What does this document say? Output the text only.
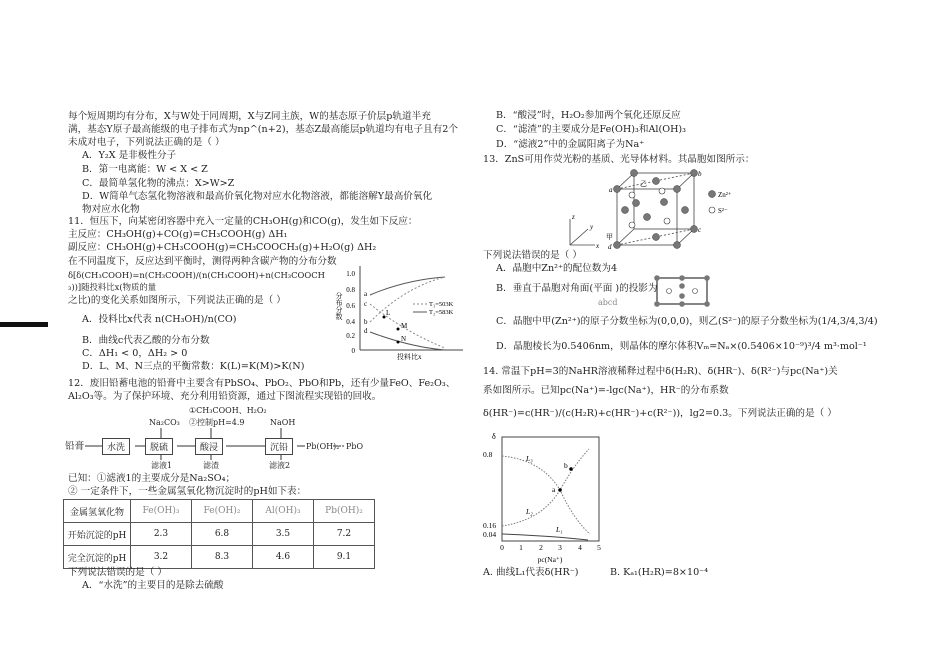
每个短周期均有分布，X与W处于同周期，X与Z同主族，W的基态原子价层p轨道半充
满，基态Y原子最高能级的电子排布式为np^(n+2)，基态Z最高能层p轨道均有电子且有2个
未成对电子，下列说法正确的是（ ）
A．Y₂X 是非极性分子
B．第一电离能：W < X < Z
C．最简单氢化物的沸点：X>W>Z
D．W简单气态氢化物溶液和最高价氧化物对应水化物溶液，都能溶解Y最高价氧化
物对应水化物
11．恒压下，向某密闭容器中充入一定量的CH₃OH(g)和CO(g)，发生如下反应：
主反应：CH₃OH(g)+CO(g)=CH₃COOH(g) ΔH₁
副反应：CH₃OH(g)+CH₃COOH(g)=CH₃COOCH₃(g)+H₂O(g) ΔH₂
在不同温度下，反应达到平衡时，测得两种含碳产物的分布分数
δ[δ(CH₃COOH)=n(CH₃COOH)/(n(CH₃COOH)+n(CH₃COOCH₃))]随投料比x(物质的量
之比)的变化关系如图所示，下列说法正确的是（ ）
A．投料比x代表 n(CH₃OH)/n(CO)
B．曲线c代表乙酸的分布分数
C．ΔH₁ < 0，ΔH₂ > 0
D．L、M、N三点的平衡常数：K(L)=K(M)>K(N)
12．废旧铅蓄电池的铅膏中主要含有PbSO₄、PbO₂、PbO和Pb，还有少量FeO、Fe₂O₃、
Al₂O₃等。为了保护环境、充分利用铅资源，通过下图流程实现铅的回收。
1.0
0.8
0.6
0.4
0.2
0
分布分数
投料比x
a
b
c
d
L
M
N
T₁=503K
T₂=583K
铅膏	水洗	脱硫	酸浸	沉铅
Na₂CO₃
①CH₃COOH、H₂O₂
②控制pH=4.9	NaOH
滤液1	滤渣	滤液2
Pb(OH)₂ PbO
已知：①滤液1的主要成分是Na₂SO₄；
② 一定条件下，一些金属氢氧化物沉淀时的pH如下表：
金属氢氧化物	Fe(OH)₃	Fe(OH)₂	Al(OH)₃	Pb(OH)₂
开始沉淀的pH	2.3	6.8	3.5	7.2
完全沉淀的pH	3.2	8.3	4.6	9.1
下列说法错误的是（ ）
A．“水洗”的主要目的是除去硫酸
B．“酸浸”时，H₂O₂参加两个氧化还原反应
C．“滤渣”的主要成分是Fe(OH)₃和Al(OH)₃
D．“滤液2”中的金属阳离子为Na⁺
13．ZnS可用作荧光粉的基质、光导体材料。其晶胞如图所示：
a
b
c
d
甲
乙
z
y
x
Zn²⁺
S²⁻
下列说法错误的是（ ）
A．晶胞中Zn²⁺的配位数为4
B．垂直于晶胞对角面(平面 )的投影为
abcd
C．晶胞中甲(Zn²⁺)的原子分数坐标为(0,0,0)，则乙(S²⁻)的原子分数坐标为(1/4,3/4,3/4)
D．晶胞棱长为0.5406nm，则晶体的摩尔体积Vₘ=Nₐ×(0.5406×10⁻⁹)³/4 m³·mol⁻¹
14. 常温下pH=3的NaHR溶液稀释过程中δ(H₂R)、δ(HR⁻)、δ(R²⁻)与pc(Na⁺)关
系如图所示。已知pc(Na⁺)=-lgc(Na⁺)，HR⁻的分布系数
δ(HR⁻)=c(HR⁻)/(c(H₂R)+c(HR⁻)+c(R²⁻))，lg2=0.3。下列说法正确的是（ ）
δ
0.8
0.16
0.04
0 1 2 3 4 5
pc(Na⁺)
L₃
L₂
L₁
a
b
A. 曲线L₁代表δ(HR⁻)	B. Kₐ₁(H₂R)=8×10⁻⁴
